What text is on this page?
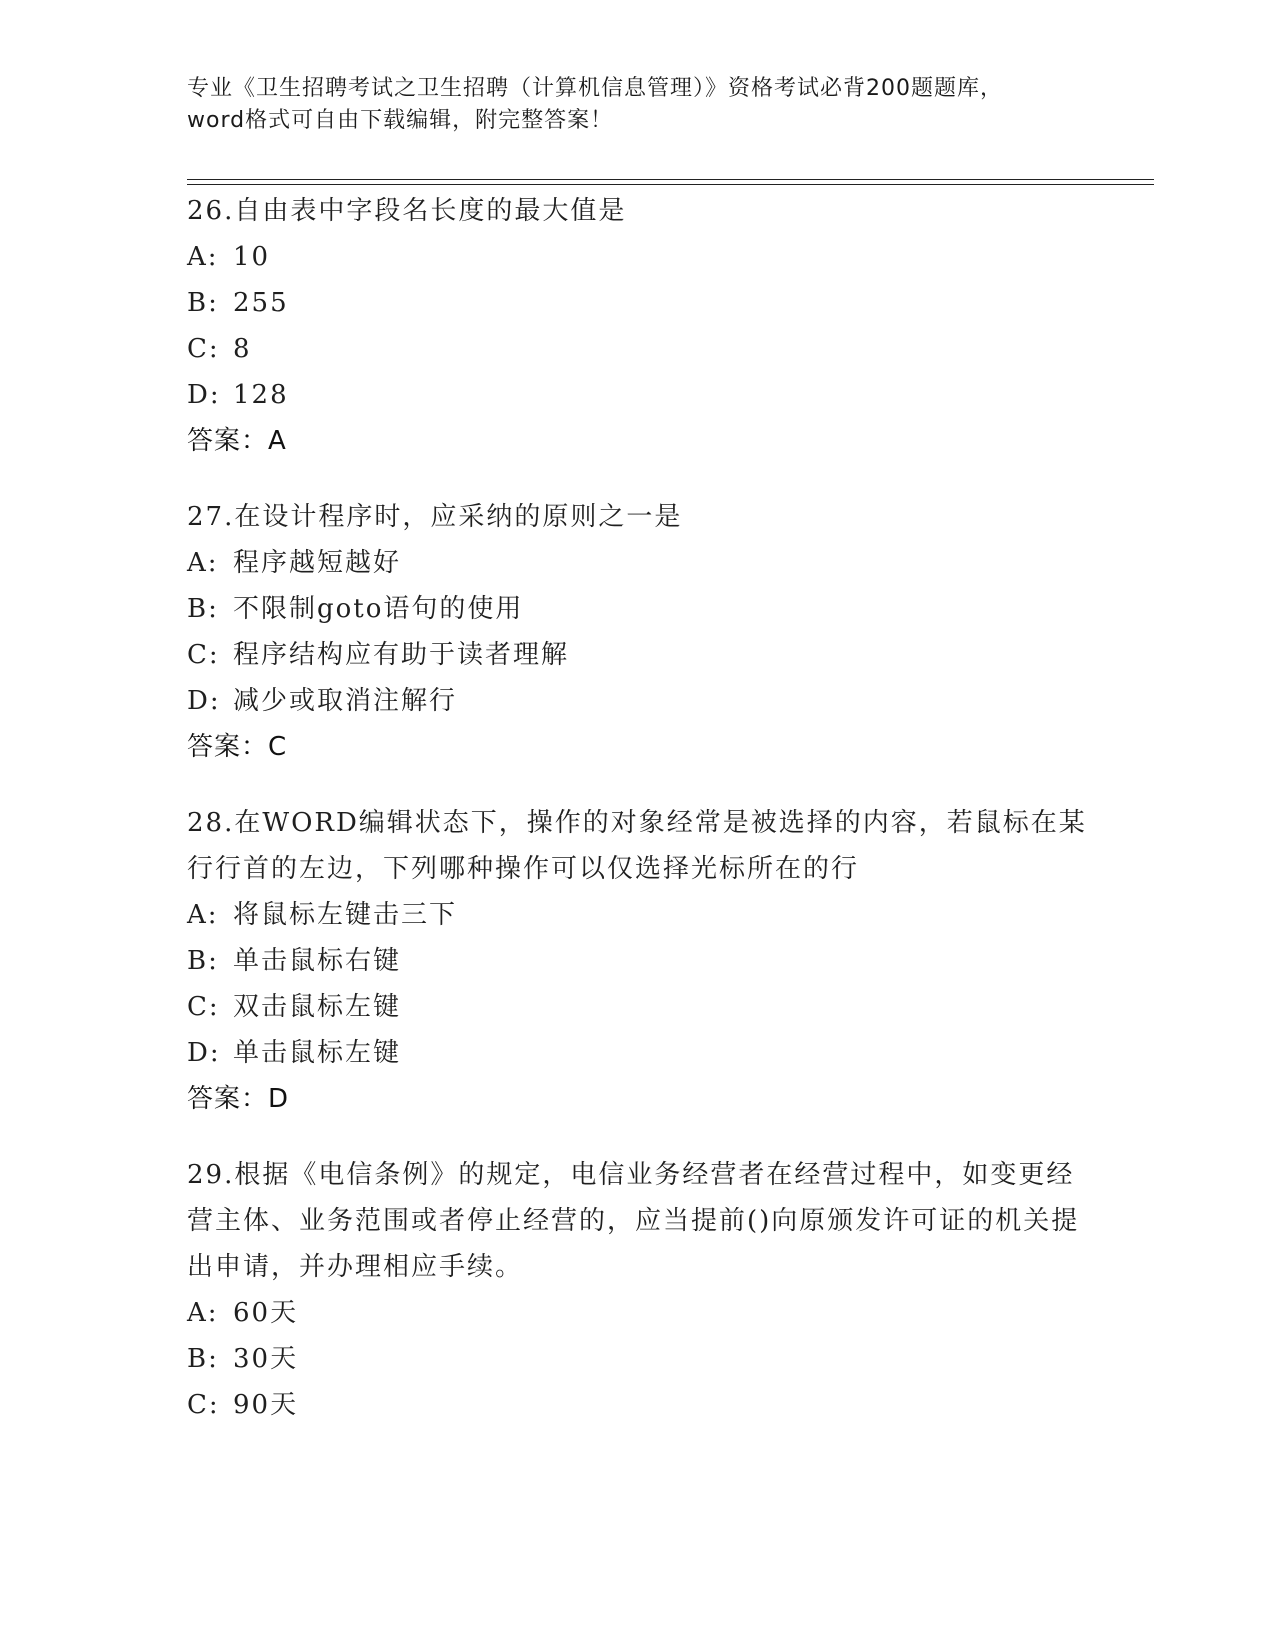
专业《卫生招聘考试之卫生招聘（计算机信息管理）》资格考试必背200题题库，
word格式可自由下载编辑，附完整答案！
26.自由表中字段名长度的最大值是
A: 10
B: 255
C: 8
D: 128
答案：A
27.在设计程序时，应采纳的原则之一是
A: 程序越短越好
B: 不限制goto语句的使用
C: 程序结构应有助于读者理解
D: 减少或取消注解行
答案：C
28.在WORD编辑状态下，操作的对象经常是被选择的内容，若鼠标在某行行首的左边，下列哪种操作可以仅选择光标所在的行
A: 将鼠标左键击三下
B: 单击鼠标右键
C: 双击鼠标左键
D: 单击鼠标左键
答案：D
29.根据《电信条例》的规定，电信业务经营者在经营过程中，如变更经营主体、业务范围或者停止经营的，应当提前()向原颁发许可证的机关提出申请，并办理相应手续。
A: 60天
B: 30天
C: 90天
